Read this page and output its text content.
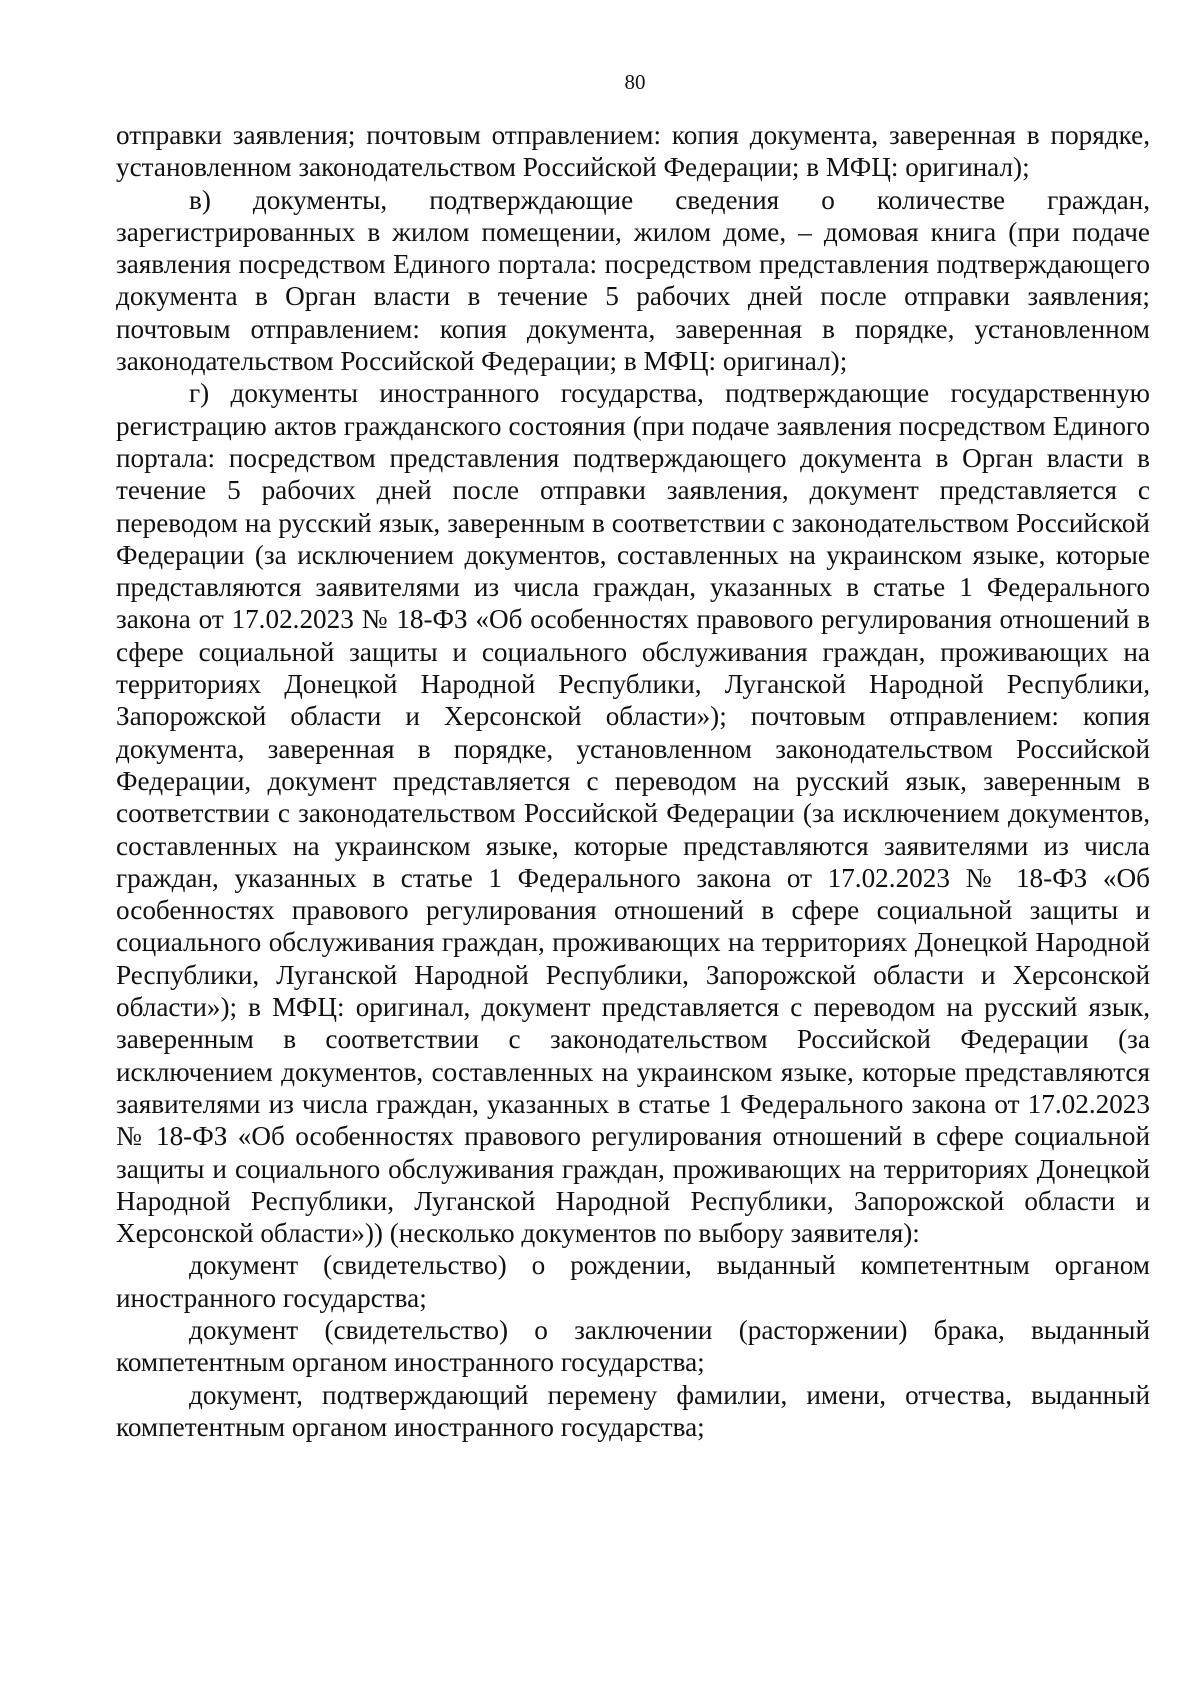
80

отправки заявления; почтовым отправлением: копия документа, заверенная в порядке, установленном законодательством Российской Федерации; в МФЦ: оригинал);

в) документы, подтверждающие сведения о количестве граждан, зарегистрированных в жилом помещении, жилом доме, – домовая книга (при подаче заявления посредством Единого портала: посредством представления подтверждающего документа в Орган власти в течение 5 рабочих дней после отправки заявления; почтовым отправлением: копия документа, заверенная в порядке, установленном законодательством Российской Федерации; в МФЦ: оригинал);

г) документы иностранного государства, подтверждающие государственную регистрацию актов гражданского состояния (при подаче заявления посредством Единого портала: посредством представления подтверждающего документа в Орган власти в течение 5 рабочих дней после отправки заявления, документ представляется с переводом на русский язык, заверенным в соответствии с законодательством Российской Федерации (за исключением документов, составленных на украинском языке, которые представляются заявителями из числа граждан, указанных в статье 1 Федерального закона от 17.02.2023 № 18-ФЗ «Об особенностях правового регулирования отношений в сфере социальной защиты и социального обслуживания граждан, проживающих на территориях Донецкой Народной Республики, Луганской Народной Республики, Запорожской области и Херсонской области»); почтовым отправлением: копия документа, заверенная в порядке, установленном законодательством Российской Федерации, документ представляется с переводом на русский язык, заверенным в соответствии с законодательством Российской Федерации (за исключением документов, составленных на украинском языке, которые представляются заявителями из числа граждан, указанных в статье 1 Федерального закона от 17.02.2023 № 18-ФЗ «Об особенностях правового регулирования отношений в сфере социальной защиты и социального обслуживания граждан, проживающих на территориях Донецкой Народной Республики, Луганской Народной Республики, Запорожской области и Херсонской области»); в МФЦ: оригинал, документ представляется с переводом на русский язык, заверенным в соответствии с законодательством Российской Федерации (за исключением документов, составленных на украинском языке, которые представляются заявителями из числа граждан, указанных в статье 1 Федерального закона от 17.02.2023 № 18-ФЗ «Об особенностях правового регулирования отношений в сфере социальной защиты и социального обслуживания граждан, проживающих на территориях Донецкой Народной Республики, Луганской Народной Республики, Запорожской области и Херсонской области»)) (несколько документов по выбору заявителя):

документ (свидетельство) о рождении, выданный компетентным органом иностранного государства;

документ (свидетельство) о заключении (расторжении) брака, выданный компетентным органом иностранного государства;

документ, подтверждающий перемену фамилии, имени, отчества, выданный компетентным органом иностранного государства;
